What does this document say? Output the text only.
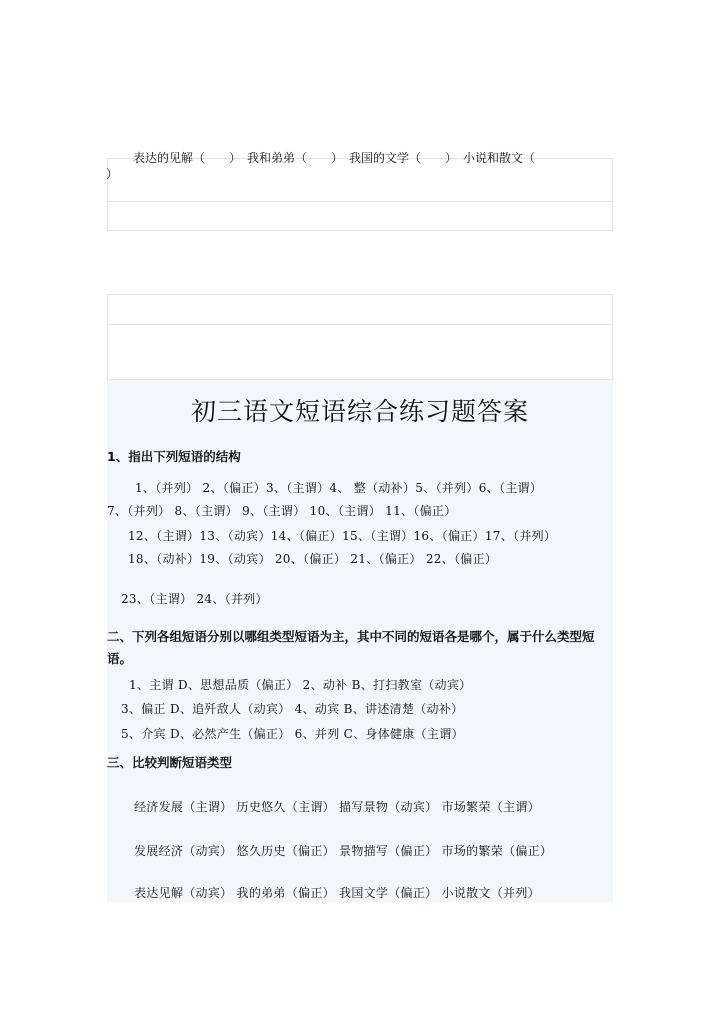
表达的见解（　　）　我和弟弟（　　）　我国的文学（　　）　小说和散文（
）
初三语文短语综合练习题答案
1、指出下列短语的结构
1、（并列） 2、（偏正）3、（主谓）4、 整（动补）5、（并列）6、（主谓）
7、（并列） 8、（主谓） 9、（主谓） 10、（主谓） 11、（偏正）
12、（主谓）13、（动宾）14、（偏正）15、（主谓）16、（偏正）17、（并列）
18、（动补）19、（动宾） 20、（偏正） 21、（偏正） 22、（偏正）
23、（主谓） 24、（并列）
二、下列各组短语分别以哪组类型短语为主，其中不同的短语各是哪个，属于什么类型短
语。
1、主谓 D、思想品质（偏正） 2、动补 B、打扫教室（动宾）
3、偏正 D、追歼敌人（动宾） 4、动宾 B、讲述清楚（动补）
5、介宾 D、必然产生（偏正） 6、并列 C、身体健康（主谓）
三、比较判断短语类型
经济发展（主谓） 历史悠久（主谓） 描写景物（动宾） 市场繁荣（主谓）
发展经济（动宾） 悠久历史（偏正） 景物描写（偏正） 市场的繁荣（偏正）
表达见解（动宾） 我的弟弟（偏正） 我国文学（偏正） 小说散文（并列）
